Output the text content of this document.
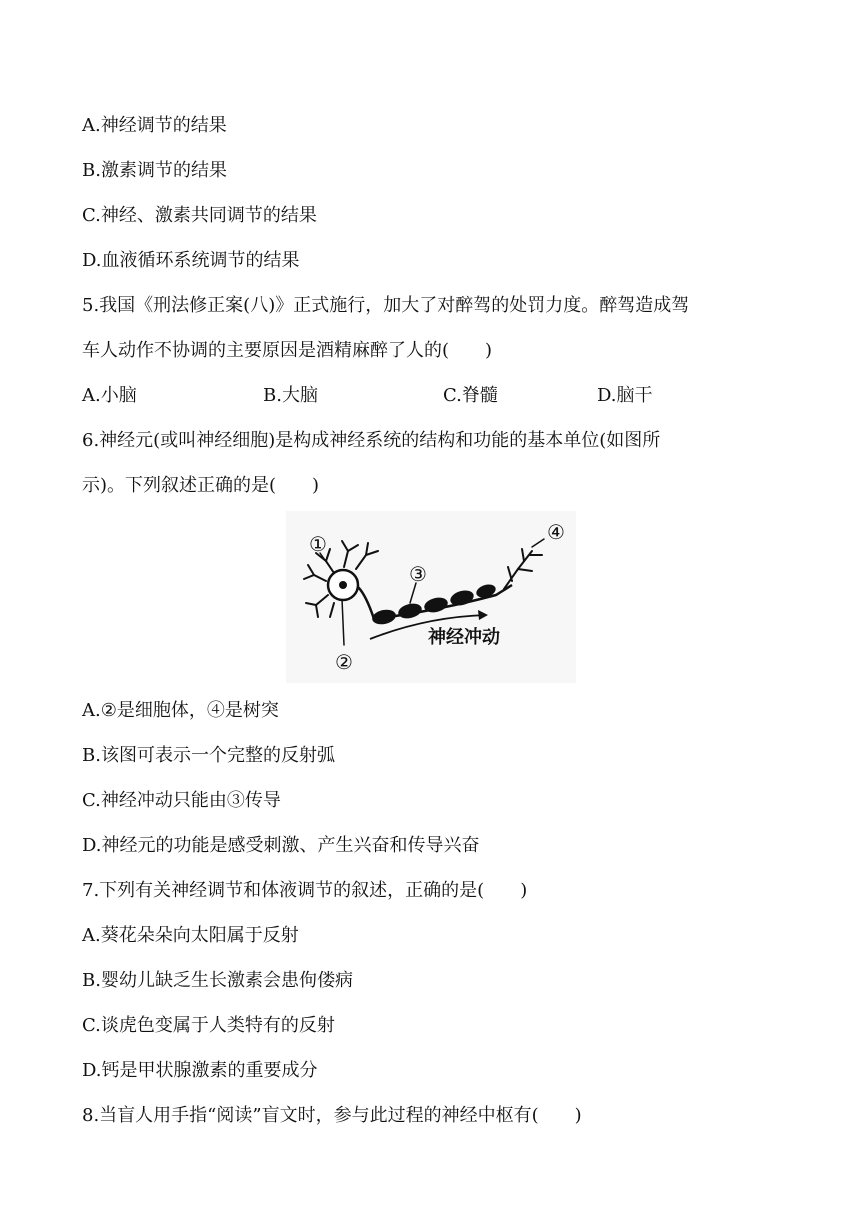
A.神经调节的结果
B.激素调节的结果
C.神经、激素共同调节的结果
D.血液循环系统调节的结果
5.我国《刑法修正案(八)》正式施行，加大了对醉驾的处罚力度。醉驾造成驾
车人动作不协调的主要原因是酒精麻醉了人的(　　)
A.小脑	B.大脑	C.脊髓	D.脑干
6.神经元(或叫神经细胞)是构成神经系统的结构和功能的基本单位(如图所
示)。下列叙述正确的是(　　)
①
②
③
④
神经冲动
A.②是细胞体，④是树突
B.该图可表示一个完整的反射弧
C.神经冲动只能由③传导
D.神经元的功能是感受刺激、产生兴奋和传导兴奋
7.下列有关神经调节和体液调节的叙述，正确的是(　　)
A.葵花朵朵向太阳属于反射
B.婴幼儿缺乏生长激素会患佝偻病
C.谈虎色变属于人类特有的反射
D.钙是甲状腺激素的重要成分
8.当盲人用手指“阅读”盲文时，参与此过程的神经中枢有(　　)
